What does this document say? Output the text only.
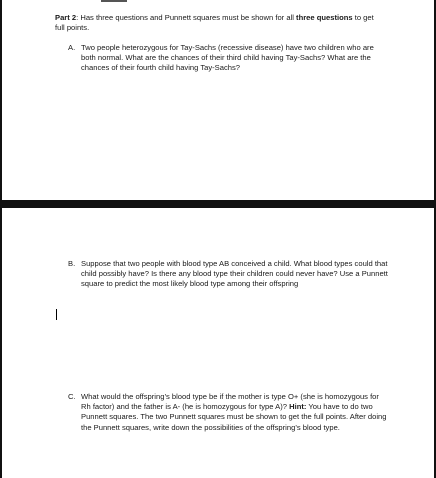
Part 2: Has three questions and Punnett squares must be shown for all three questions to get full points.
A. Two people heterozygous for Tay-Sachs (recessive disease) have two children who are both normal. What are the chances of their third child having Tay-Sachs? What are the chances of their fourth child having Tay-Sachs?
B. Suppose that two people with blood type AB conceived a child. What blood types could that child possibly have? Is there any blood type their children could never have? Use a Punnett square to predict the most likely blood type among their offspring
C. What would the offspring’s blood type be if the mother is type O+ (she is homozygous for Rh factor) and the father is A- (he is homozygous for type A)? Hint: You have to do two Punnett squares. The two Punnett squares must be shown to get the full points. After doing the Punnett squares, write down the possibilities of the offspring’s blood type.
